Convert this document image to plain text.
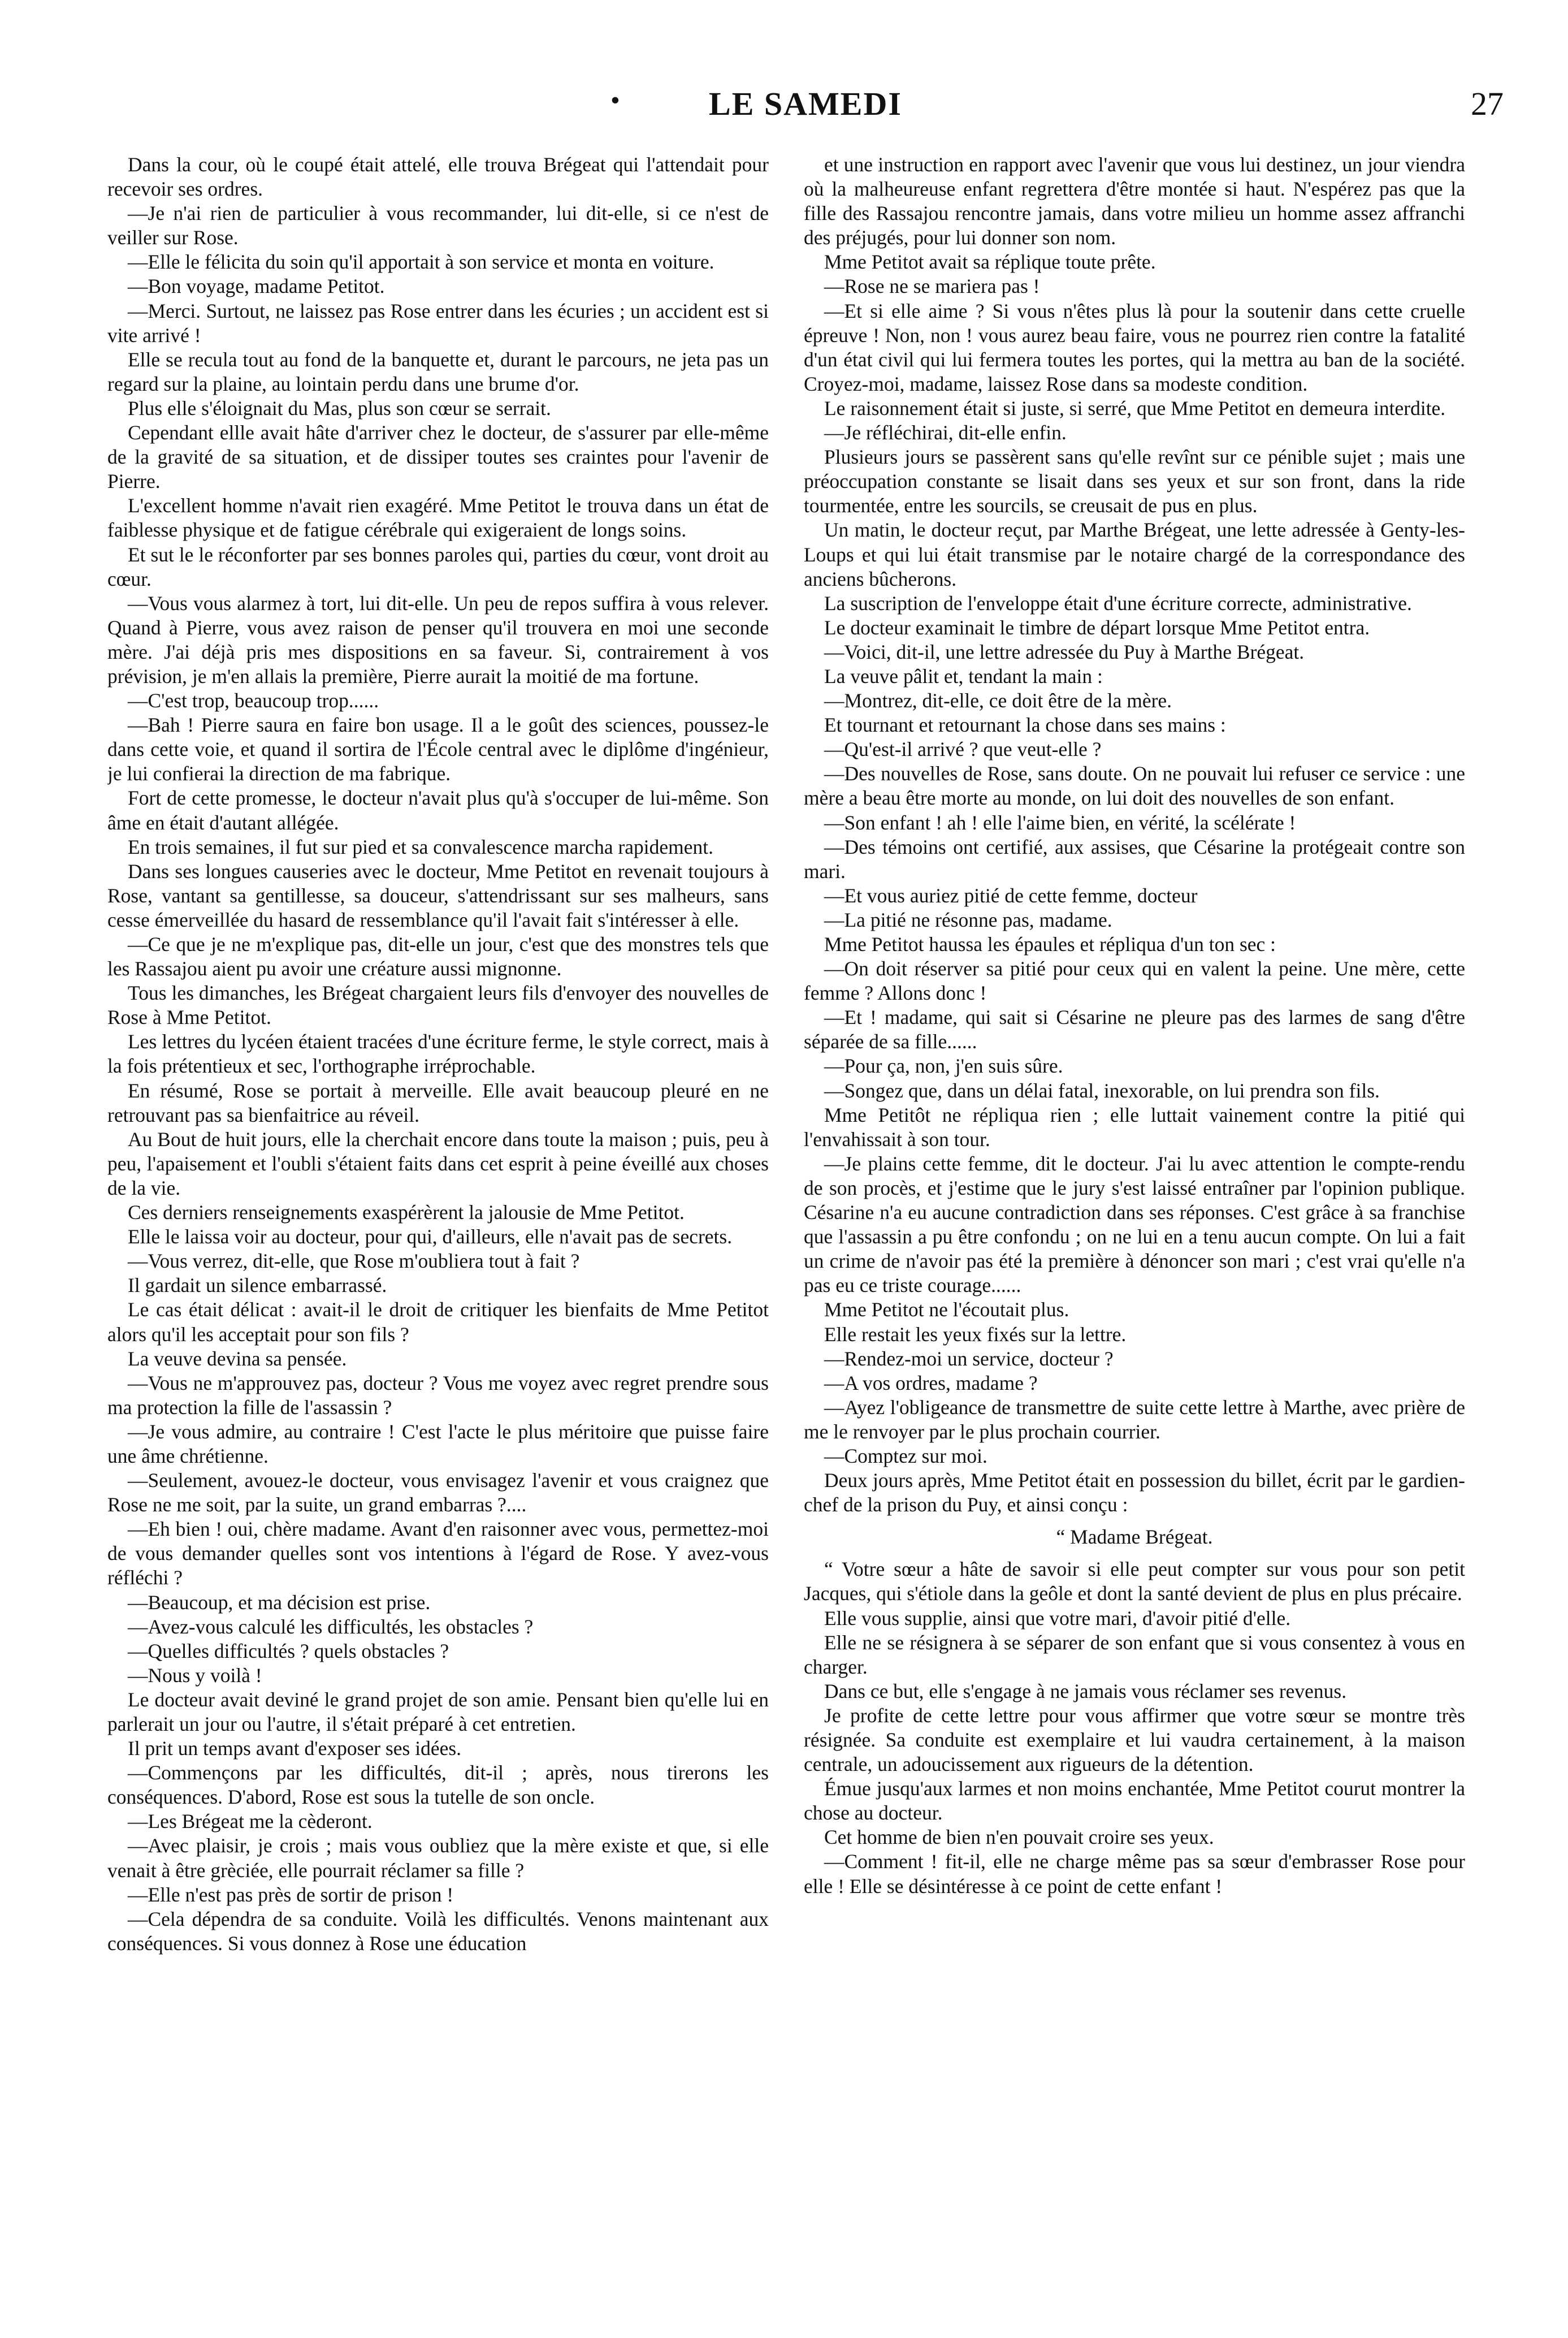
•	LE SAMEDI	27

Dans la cour, où le coupé était attelé, elle trouva Brégeat qui l'attendait pour recevoir ses ordres.

—Je n'ai rien de particulier à vous recommander, lui dit-elle, si ce n'est de veiller sur Rose.

—Elle le félicita du soin qu'il apportait à son service et monta en voiture.

—Bon voyage, madame Petitot.

—Merci. Surtout, ne laissez pas Rose entrer dans les écuries ; un accident est si vite arrivé !

Elle se recula tout au fond de la banquette et, durant le parcours, ne jeta pas un regard sur la plaine, au lointain perdu dans une brume d'or.

Plus elle s'éloignait du Mas, plus son cœur se serrait.

Cependant ellle avait hâte d'arriver chez le docteur, de s'assurer par elle-même de la gravité de sa situation, et de dissiper toutes ses craintes pour l'avenir de Pierre.

L'excellent homme n'avait rien exagéré. Mme Petitot le trouva dans un état de faiblesse physique et de fatigue cérébrale qui exigeraient de longs soins.

Et sut le le réconforter par ses bonnes paroles qui, parties du cœur, vont droit au cœur.

—Vous vous alarmez à tort, lui dit-elle. Un peu de repos suffira à vous relever. Quand à Pierre, vous avez raison de penser qu'il trouvera en moi une seconde mère. J'ai déjà pris mes dispositions en sa faveur. Si, contrairement à vos prévision, je m'en allais la première, Pierre aurait la moitié de ma fortune.

—C'est trop, beaucoup trop......

—Bah ! Pierre saura en faire bon usage. Il a le goût des sciences, poussez-le dans cette voie, et quand il sortira de l'École central avec le diplôme d'ingénieur, je lui confierai la direction de ma fabrique.

Fort de cette promesse, le docteur n'avait plus qu'à s'occuper de lui-même. Son âme en était d'autant allégée.

En trois semaines, il fut sur pied et sa convalescence marcha rapidement.

Dans ses longues causeries avec le docteur, Mme Petitot en revenait toujours à Rose, vantant sa gentillesse, sa douceur, s'attendrissant sur ses malheurs, sans cesse émerveillée du hasard de ressemblance qu'il l'avait fait s'intéresser à elle.

—Ce que je ne m'explique pas, dit-elle un jour, c'est que des monstres tels que les Rassajou aient pu avoir une créature aussi mignonne.

Tous les dimanches, les Brégeat chargaient leurs fils d'envoyer des nouvelles de Rose à Mme Petitot.

Les lettres du lycéen étaient tracées d'une écriture ferme, le style correct, mais à la fois prétentieux et sec, l'orthographe irréprochable.

En résumé, Rose se portait à merveille. Elle avait beaucoup pleuré en ne retrouvant pas sa bienfaitrice au réveil.

Au Bout de huit jours, elle la cherchait encore dans toute la maison ; puis, peu à peu, l'apaisement et l'oubli s'étaient faits dans cet esprit à peine éveillé aux choses de la vie.

Ces derniers renseignements exaspérèrent la jalousie de Mme Petitot.

Elle le laissa voir au docteur, pour qui, d'ailleurs, elle n'avait pas de secrets.

—Vous verrez, dit-elle, que Rose m'oubliera tout à fait ?

Il gardait un silence embarrassé.

Le cas était délicat : avait-il le droit de critiquer les bienfaits de Mme Petitot alors qu'il les acceptait pour son fils ?

La veuve devina sa pensée.

—Vous ne m'approuvez pas, docteur ? Vous me voyez avec regret prendre sous ma protection la fille de l'assassin ?

—Je vous admire, au contraire ! C'est l'acte le plus méritoire que puisse faire une âme chrétienne.

—Seulement, avouez-le docteur, vous envisagez l'avenir et vous craignez que Rose ne me soit, par la suite, un grand embarras ?....

—Eh bien ! oui, chère madame. Avant d'en raisonner avec vous, permettez-moi de vous demander quelles sont vos intentions à l'égard de Rose. Y avez-vous réfléchi ?

—Beaucoup, et ma décision est prise.

—Avez-vous calculé les difficultés, les obstacles ?

—Quelles difficultés ? quels obstacles ?

—Nous y voilà !

Le docteur avait deviné le grand projet de son amie. Pensant bien qu'elle lui en parlerait un jour ou l'autre, il s'était préparé à cet entretien.

Il prit un temps avant d'exposer ses idées.

—Commençons par les difficultés, dit-il ; après, nous tirerons les conséquences. D'abord, Rose est sous la tutelle de son oncle.

—Les Brégeat me la cèderont.

—Avec plaisir, je crois ; mais vous oubliez que la mère existe et que, si elle venait à être grèciée, elle pourrait réclamer sa fille ?

—Elle n'est pas près de sortir de prison !

—Cela dépendra de sa conduite. Voilà les difficultés. Venons maintenant aux conséquences. Si vous donnez à Rose une éducation

et une instruction en rapport avec l'avenir que vous lui destinez, un jour viendra où la malheureuse enfant regrettera d'être montée si haut. N'espérez pas que la fille des Rassajou rencontre jamais, dans votre milieu un homme assez affranchi des préjugés, pour lui donner son nom.

Mme Petitot avait sa réplique toute prête.

—Rose ne se mariera pas !

—Et si elle aime ? Si vous n'êtes plus là pour la soutenir dans cette cruelle épreuve ! Non, non ! vous aurez beau faire, vous ne pourrez rien contre la fatalité d'un état civil qui lui fermera toutes les portes, qui la mettra au ban de la société. Croyez-moi, madame, laissez Rose dans sa modeste condition.

Le raisonnement était si juste, si serré, que Mme Petitot en demeura interdite.

—Je réfléchirai, dit-elle enfin.

Plusieurs jours se passèrent sans qu'elle revînt sur ce pénible sujet ; mais une préoccupation constante se lisait dans ses yeux et sur son front, dans la ride tourmentée, entre les sourcils, se creusait de pus en plus.

Un matin, le docteur reçut, par Marthe Brégeat, une lette adressée à Genty-les-Loups et qui lui était transmise par le notaire chargé de la correspondance des anciens bûcherons.

La suscription de l'enveloppe était d'une écriture correcte, administrative.

Le docteur examinait le timbre de départ lorsque Mme Petitot entra.

—Voici, dit-il, une lettre adressée du Puy à Marthe Brégeat.

La veuve pâlit et, tendant la main :

—Montrez, dit-elle, ce doit être de la mère.

Et tournant et retournant la chose dans ses mains :

—Qu'est-il arrivé ? que veut-elle ?

—Des nouvelles de Rose, sans doute. On ne pouvait lui refuser ce service : une mère a beau être morte au monde, on lui doit des nouvelles de son enfant.

—Son enfant ! ah ! elle l'aime bien, en vérité, la scélérate !

—Des témoins ont certifié, aux assises, que Césarine la protégeait contre son mari.

—Et vous auriez pitié de cette femme, docteur

—La pitié ne résonne pas, madame.

Mme Petitot haussa les épaules et répliqua d'un ton sec :

—On doit réserver sa pitié pour ceux qui en valent la peine. Une mère, cette femme ? Allons donc !

—Et ! madame, qui sait si Césarine ne pleure pas des larmes de sang d'être séparée de sa fille......

—Pour ça, non, j'en suis sûre.

—Songez que, dans un délai fatal, inexorable, on lui prendra son fils.

Mme Petitôt ne répliqua rien ; elle luttait vainement contre la pitié qui l'envahissait à son tour.

—Je plains cette femme, dit le docteur. J'ai lu avec attention le compte-rendu de son procès, et j'estime que le jury s'est laissé entraîner par l'opinion publique. Césarine n'a eu aucune contradiction dans ses réponses. C'est grâce à sa franchise que l'assassin a pu être confondu ; on ne lui en a tenu aucun compte. On lui a fait un crime de n'avoir pas été la première à dénoncer son mari ; c'est vrai qu'elle n'a pas eu ce triste courage......

Mme Petitot ne l'écoutait plus.

Elle restait les yeux fixés sur la lettre.

—Rendez-moi un service, docteur ?

—A vos ordres, madame ?

—Ayez l'obligeance de transmettre de suite cette lettre à Marthe, avec prière de me le renvoyer par le plus prochain courrier.

—Comptez sur moi.

Deux jours après, Mme Petitot était en possession du billet, écrit par le gardien-chef de la prison du Puy, et ainsi conçu :

“ Madame Brégeat.

“ Votre sœur a hâte de savoir si elle peut compter sur vous pour son petit Jacques, qui s'étiole dans la geôle et dont la santé devient de plus en plus précaire.

Elle vous supplie, ainsi que votre mari, d'avoir pitié d'elle.

Elle ne se résignera à se séparer de son enfant que si vous consentez à vous en charger.

Dans ce but, elle s'engage à ne jamais vous réclamer ses revenus.

Je profite de cette lettre pour vous affirmer que votre sœur se montre très résignée. Sa conduite est exemplaire et lui vaudra certainement, à la maison centrale, un adoucissement aux rigueurs de la détention.

Émue jusqu'aux larmes et non moins enchantée, Mme Petitot courut montrer la chose au docteur.

Cet homme de bien n'en pouvait croire ses yeux.

—Comment ! fit-il, elle ne charge même pas sa sœur d'embrasser Rose pour elle ! Elle se désintéresse à ce point de cette enfant !
